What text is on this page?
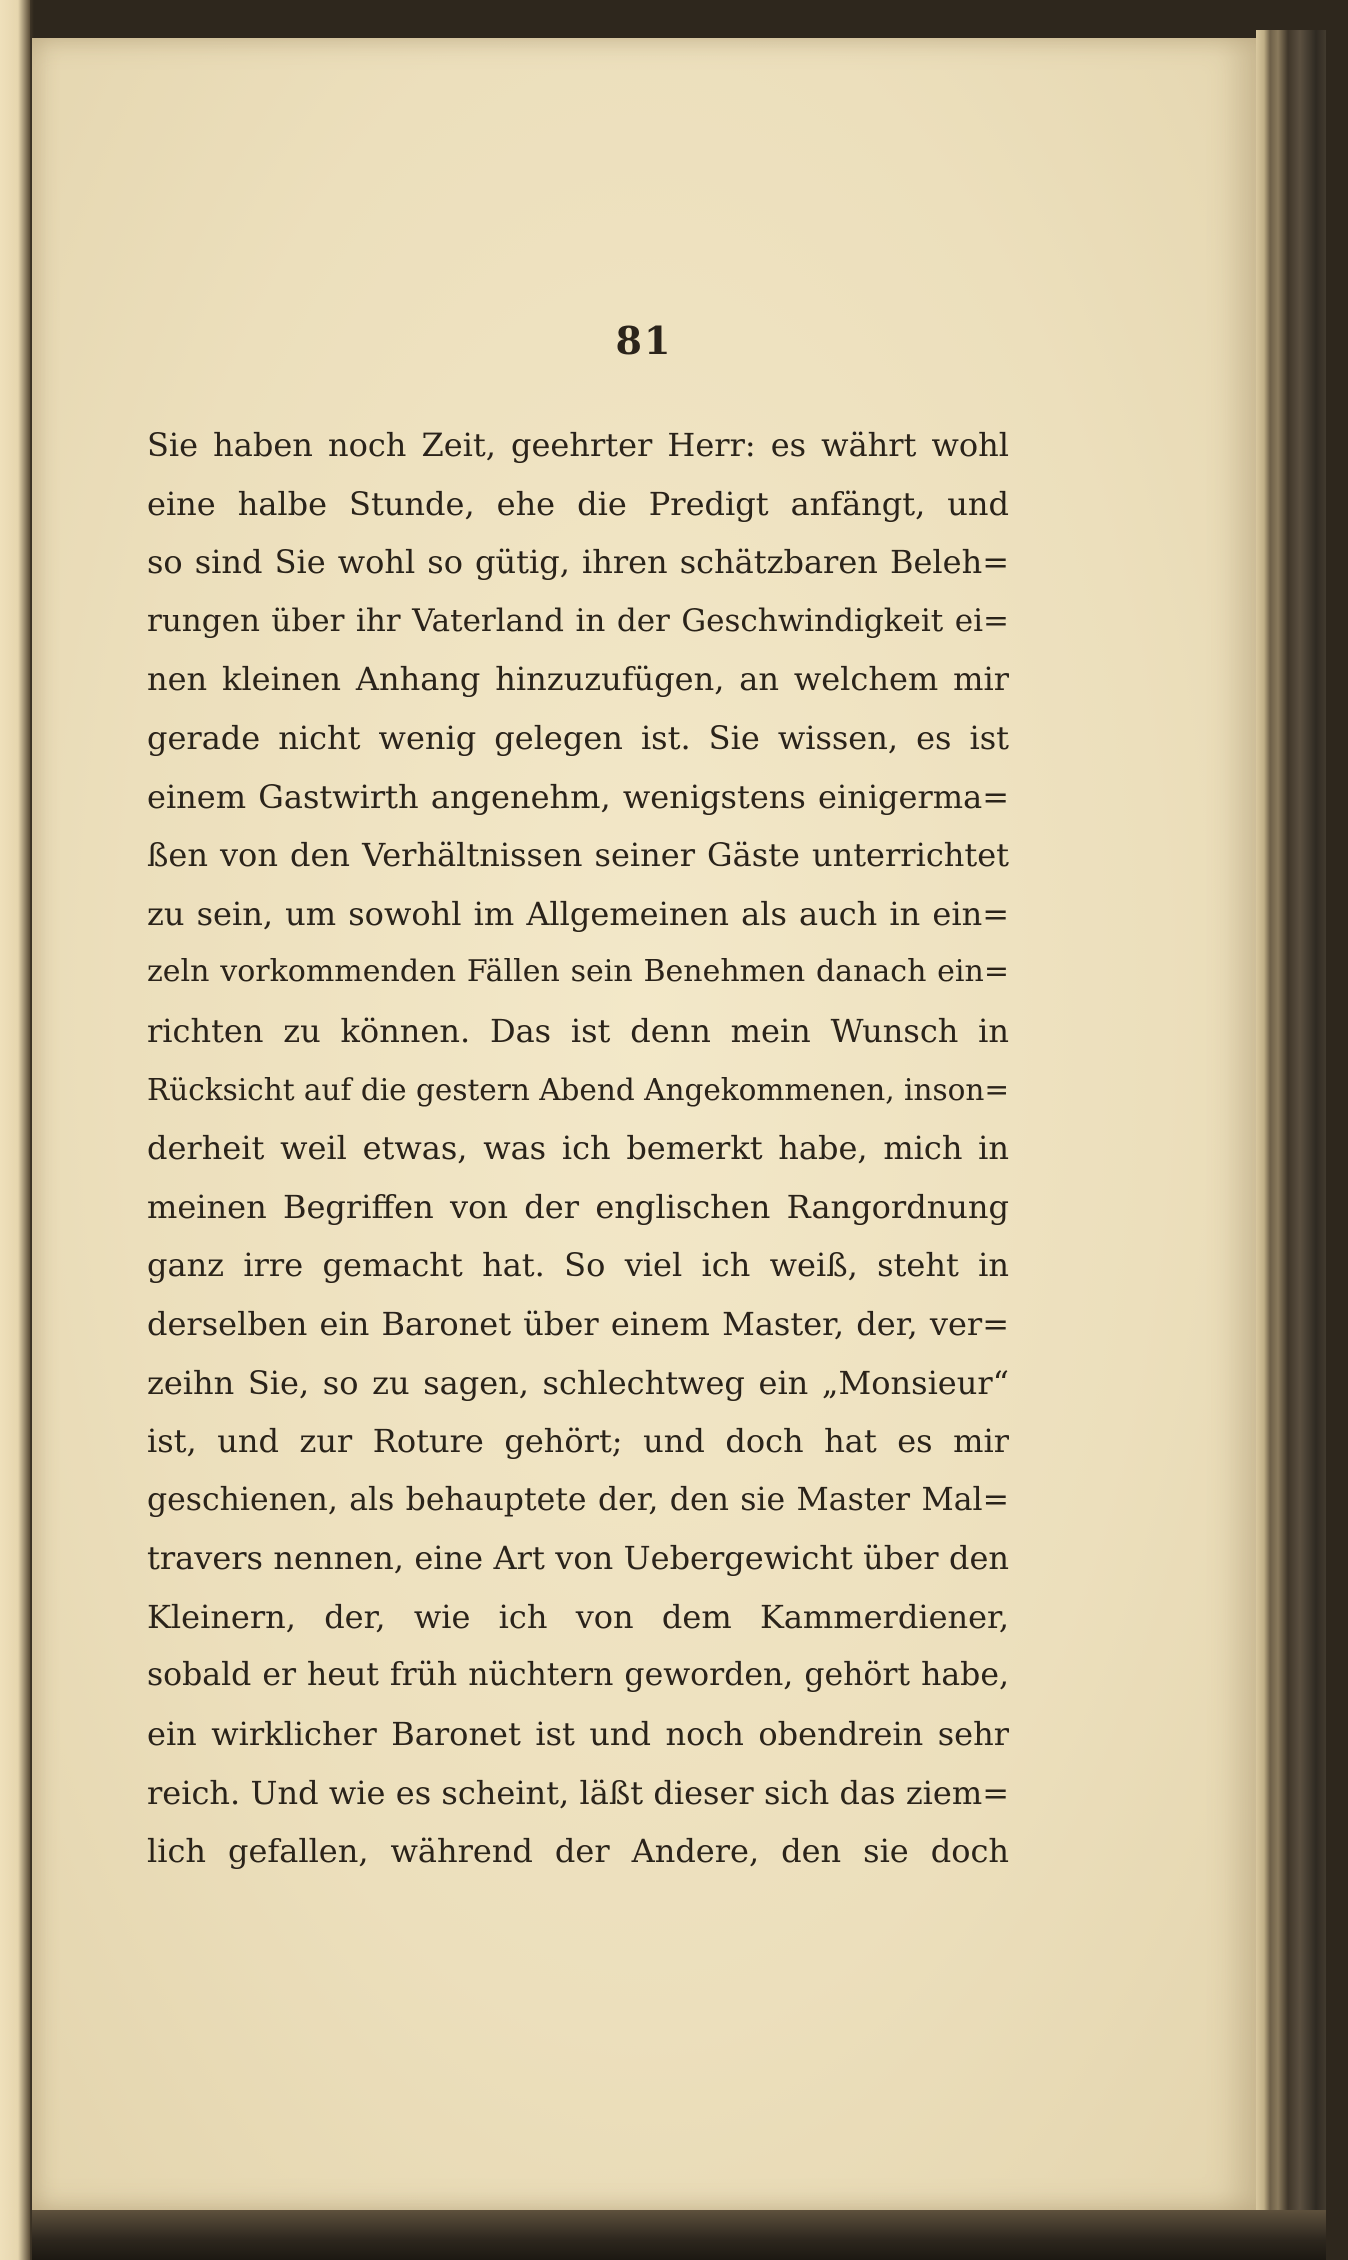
81
Sie haben noch Zeit, geehrter Herr: es währt wohl
eine halbe Stunde, ehe die Predigt anfängt, und
so sind Sie wohl so gütig, ihren schätzbaren Beleh=
rungen über ihr Vaterland in der Geschwindigkeit ei=
nen kleinen Anhang hinzuzufügen, an welchem mir
gerade nicht wenig gelegen ist. Sie wissen, es ist
einem Gastwirth angenehm, wenigstens einigerma=
ßen von den Verhältnissen seiner Gäste unterrichtet
zu sein, um sowohl im Allgemeinen als auch in ein=
zeln vorkommenden Fällen sein Benehmen danach ein=
richten zu können. Das ist denn mein Wunsch in
Rücksicht auf die gestern Abend Angekommenen, inson=
derheit weil etwas, was ich bemerkt habe, mich in
meinen Begriffen von der englischen Rangordnung
ganz irre gemacht hat. So viel ich weiß, steht in
derselben ein Baronet über einem Master, der, ver=
zeihn Sie, so zu sagen, schlechtweg ein „Monsieur“
ist, und zur Roture gehört; und doch hat es mir
geschienen, als behauptete der, den sie Master Mal=
travers nennen, eine Art von Uebergewicht über den
Kleinern, der, wie ich von dem Kammerdiener,
sobald er heut früh nüchtern geworden, gehört habe,
ein wirklicher Baronet ist und noch obendrein sehr
reich. Und wie es scheint, läßt dieser sich das ziem=
lich gefallen, während der Andere, den sie doch
